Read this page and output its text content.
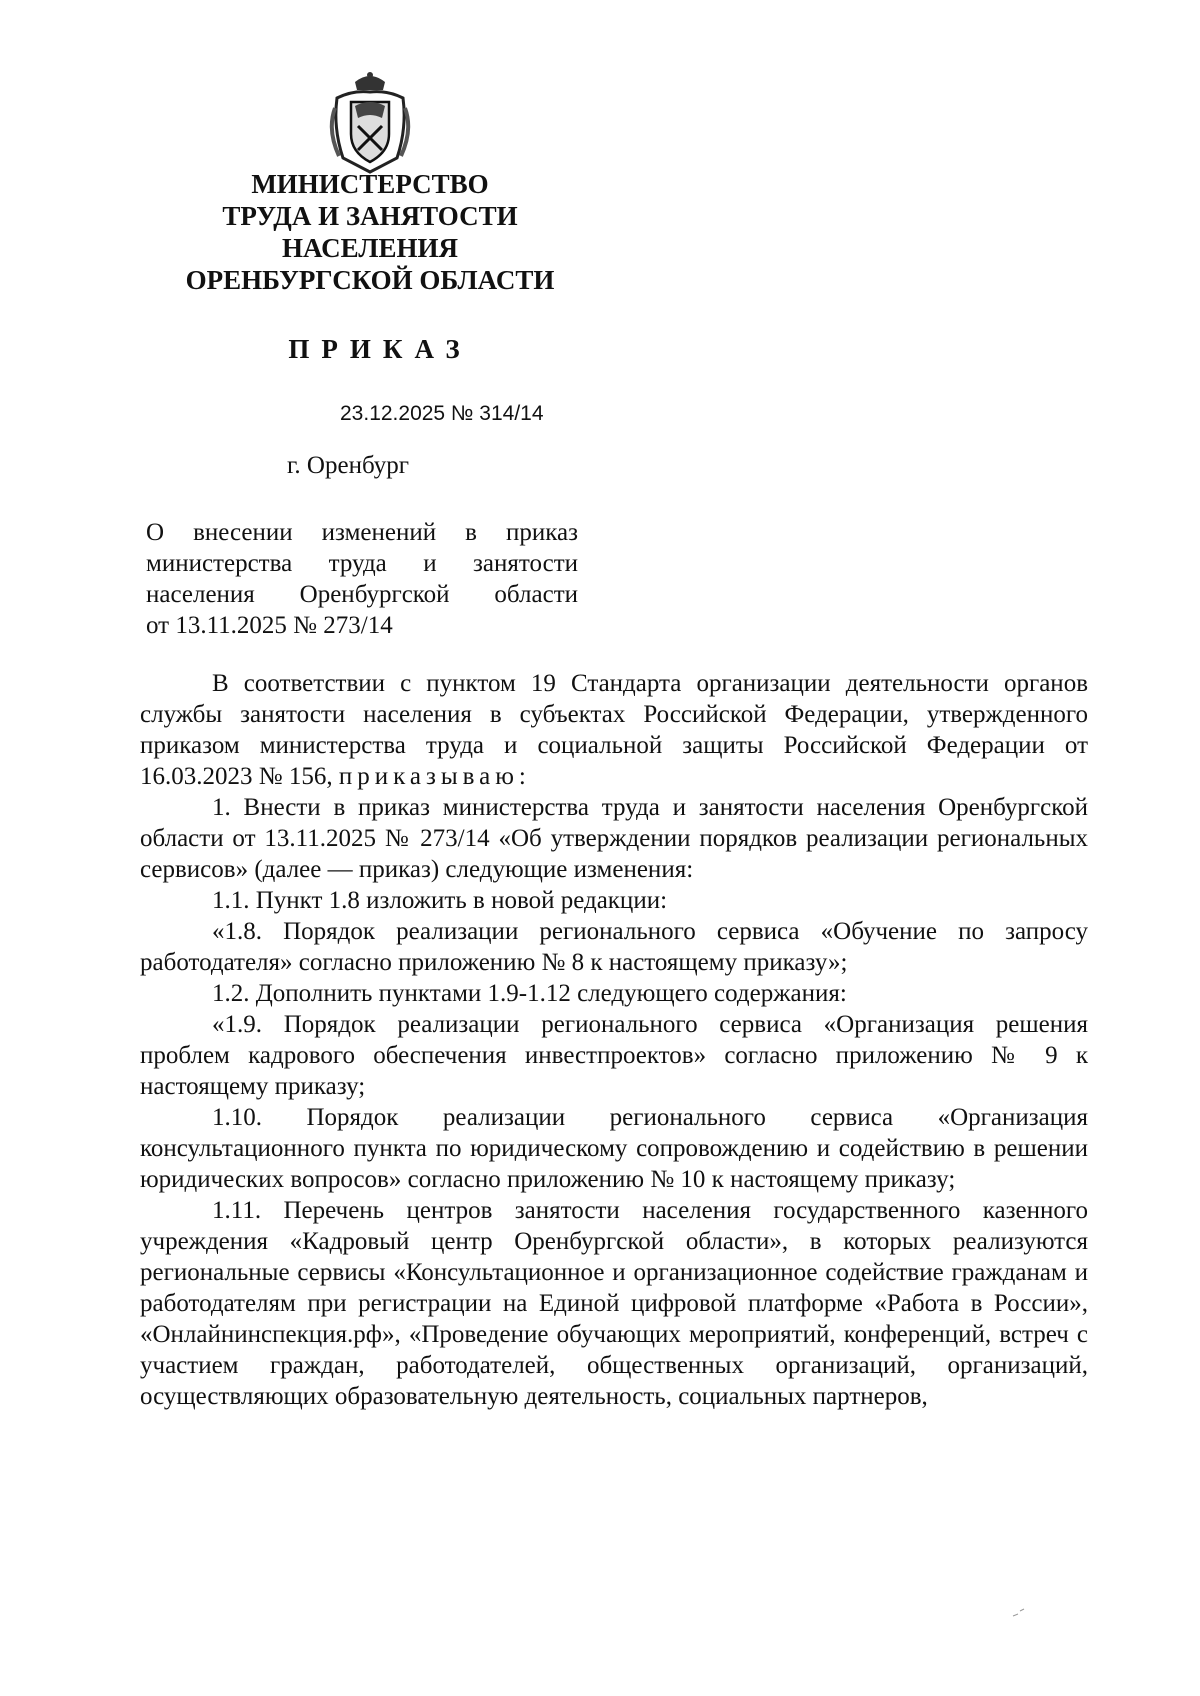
МИНИСТЕРСТВО
ТРУДА И ЗАНЯТОСТИ
НАСЕЛЕНИЯ
ОРЕНБУРГСКОЙ ОБЛАСТИ
ПРИКАЗ
23.12.2025 № 314/14
г. Оренбург
О внесении изменений в приказ
министерства труда и занятости
населения Оренбургской области
от 13.11.2025 № 273/14

В соответствии с пунктом 19 Стандарта организации деятельности органов службы занятости населения в субъектах Российской Федерации, утвержденного приказом министерства труда и социальной защиты Российской Федерации от 16.03.2023 № 156, приказываю:

1. Внести в приказ министерства труда и занятости населения Оренбургской области от 13.11.2025 № 273/14 «Об утверждении порядков реализации региональных сервисов» (далее — приказ) следующие изменения:

1.1. Пункт 1.8 изложить в новой редакции:

«1.8. Порядок реализации регионального сервиса «Обучение по запросу работодателя» согласно приложению № 8 к настоящему приказу»;

1.2. Дополнить пунктами 1.9-1.12 следующего содержания:

«1.9. Порядок реализации регионального сервиса «Организация решения проблем кадрового обеспечения инвестпроектов» согласно приложению № 9 к настоящему приказу;

1.10. Порядок реализации регионального сервиса «Организация консультационного пункта по юридическому сопровождению и содействию в решении юридических вопросов» согласно приложению № 10 к настоящему приказу;

1.11. Перечень центров занятости населения государственного казенного учреждения «Кадровый центр Оренбургской области», в которых реализуются региональные сервисы «Консультационное и организационное содействие гражданам и работодателям при регистрации на Единой цифровой платформе «Работа в России», «Онлайнинспекция.рф», «Проведение обучающих мероприятий, конференций, встреч с участием граждан, работодателей, общественных организаций, организаций, осуществляющих образовательную деятельность, социальных партнеров,
